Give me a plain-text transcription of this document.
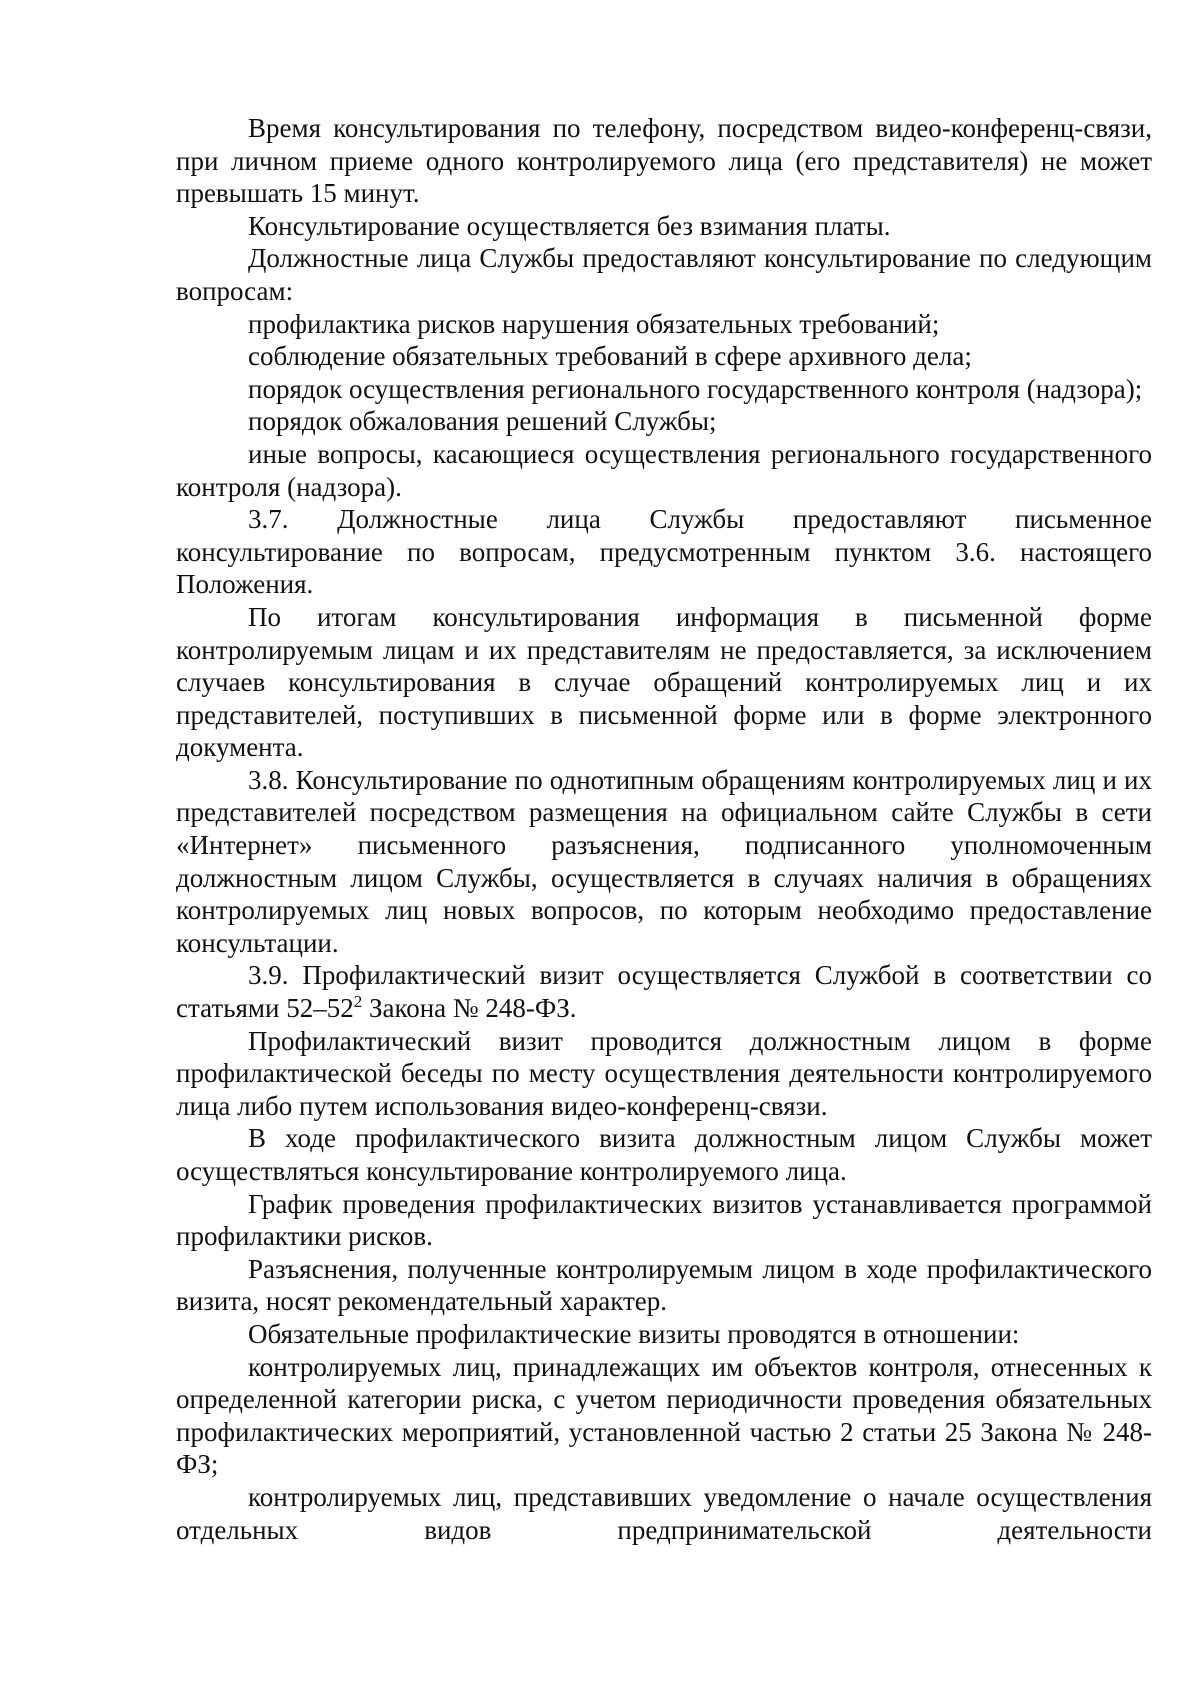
Время консультирования по телефону, посредством видео-конференц-связи, при личном приеме одного контролируемого лица (его представителя) не может превышать 15 минут.

Консультирование осуществляется без взимания платы.

Должностные лица Службы предоставляют консультирование по следующим вопросам:

профилактика рисков нарушения обязательных требований;

соблюдение обязательных требований в сфере архивного дела;

порядок осуществления регионального государственного контроля (надзора);

порядок обжалования решений Службы;

иные вопросы, касающиеся осуществления регионального государственного контроля (надзора).

3.7. Должностные лица Службы предоставляют письменное консультирование по вопросам, предусмотренным пунктом 3.6. настоящего Положения.

По итогам консультирования информация в письменной форме контролируемым лицам и их представителям не предоставляется, за исключением случаев консультирования в случае обращений контролируемых лиц и их представителей, поступивших в письменной форме или в форме электронного документа.

3.8. Консультирование по однотипным обращениям контролируемых лиц и их представителей посредством размещения на официальном сайте Службы в сети «Интернет» письменного разъяснения, подписанного уполномоченным должностным лицом Службы, осуществляется в случаях наличия в обращениях контролируемых лиц новых вопросов, по которым необходимо предоставление консультации.

3.9. Профилактический визит осуществляется Службой в соответствии со статьями $52-52^2$ Закона № 248-ФЗ.

Профилактический визит проводится должностным лицом в форме профилактической беседы по месту осуществления деятельности контролируемого лица либо путем использования видео-конференц-связи.

В ходе профилактического визита должностным лицом Службы может осуществляться консультирование контролируемого лица.

График проведения профилактических визитов устанавливается программой профилактики рисков.

Разъяснения, полученные контролируемым лицом в ходе профилактического визита, носят рекомендательный характер.

Обязательные профилактические визиты проводятся в отношении:

контролируемых лиц, принадлежащих им объектов контроля, отнесенных к определенной категории риска, с учетом периодичности проведения обязательных профилактических мероприятий, установленной частью 2 статьи 25 Закона № 248-ФЗ;

контролируемых лиц, представивших уведомление о начале осуществления отдельных видов предпринимательской деятельности
